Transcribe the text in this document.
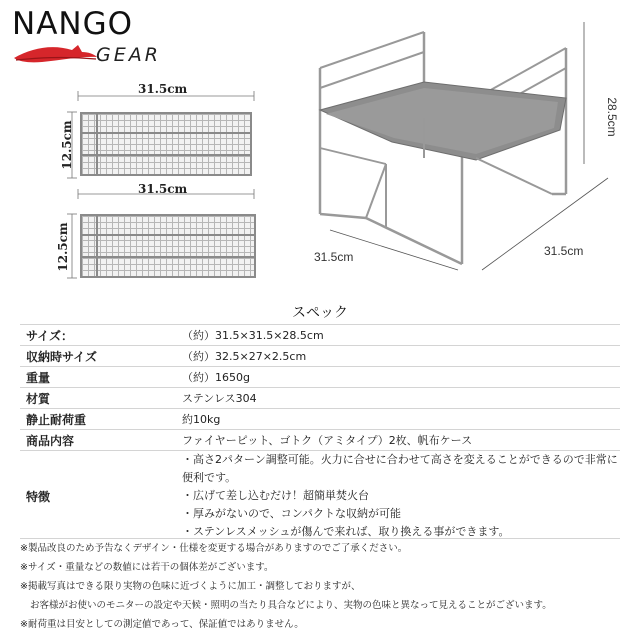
NANGO
GEAR
31.5cm
12.5cm
31.5cm
12.5cm	31.5cm	31.5cm
28.5cm
スペック
サイズ：	（約）31.5×31.5×28.5cm
収納時サイズ	（約）32.5×27×2.5cm
重量	（約）1650g
材質	ステンレス304
静止耐荷重	約10kg
商品内容	ファイヤーピット、ゴトク（アミタイプ）2枚、帆布ケース
特徴	・高さ2パターン調整可能。火力に合せに合わせて高さを変えることができるので非常に
便利です。
・広げて差し込むだけ！超簡単焚火台
・厚みがないので、コンパクトな収納が可能
・ステンレスメッシュが傷んで来れば、取り換える事ができます。
※製品改良のため予告なくデザイン・仕様を変更する場合がありますのでご了承ください。
※サイズ・重量などの数値には若干の個体差がございます。
※掲載写真はできる限り実物の色味に近づくように加工・調整しておりますが、
お客様がお使いのモニターの設定や天候・照明の当たり具合などにより、実物の色味と異なって見えることがございます。
※耐荷重は目安としての測定値であって、保証値ではありません。
